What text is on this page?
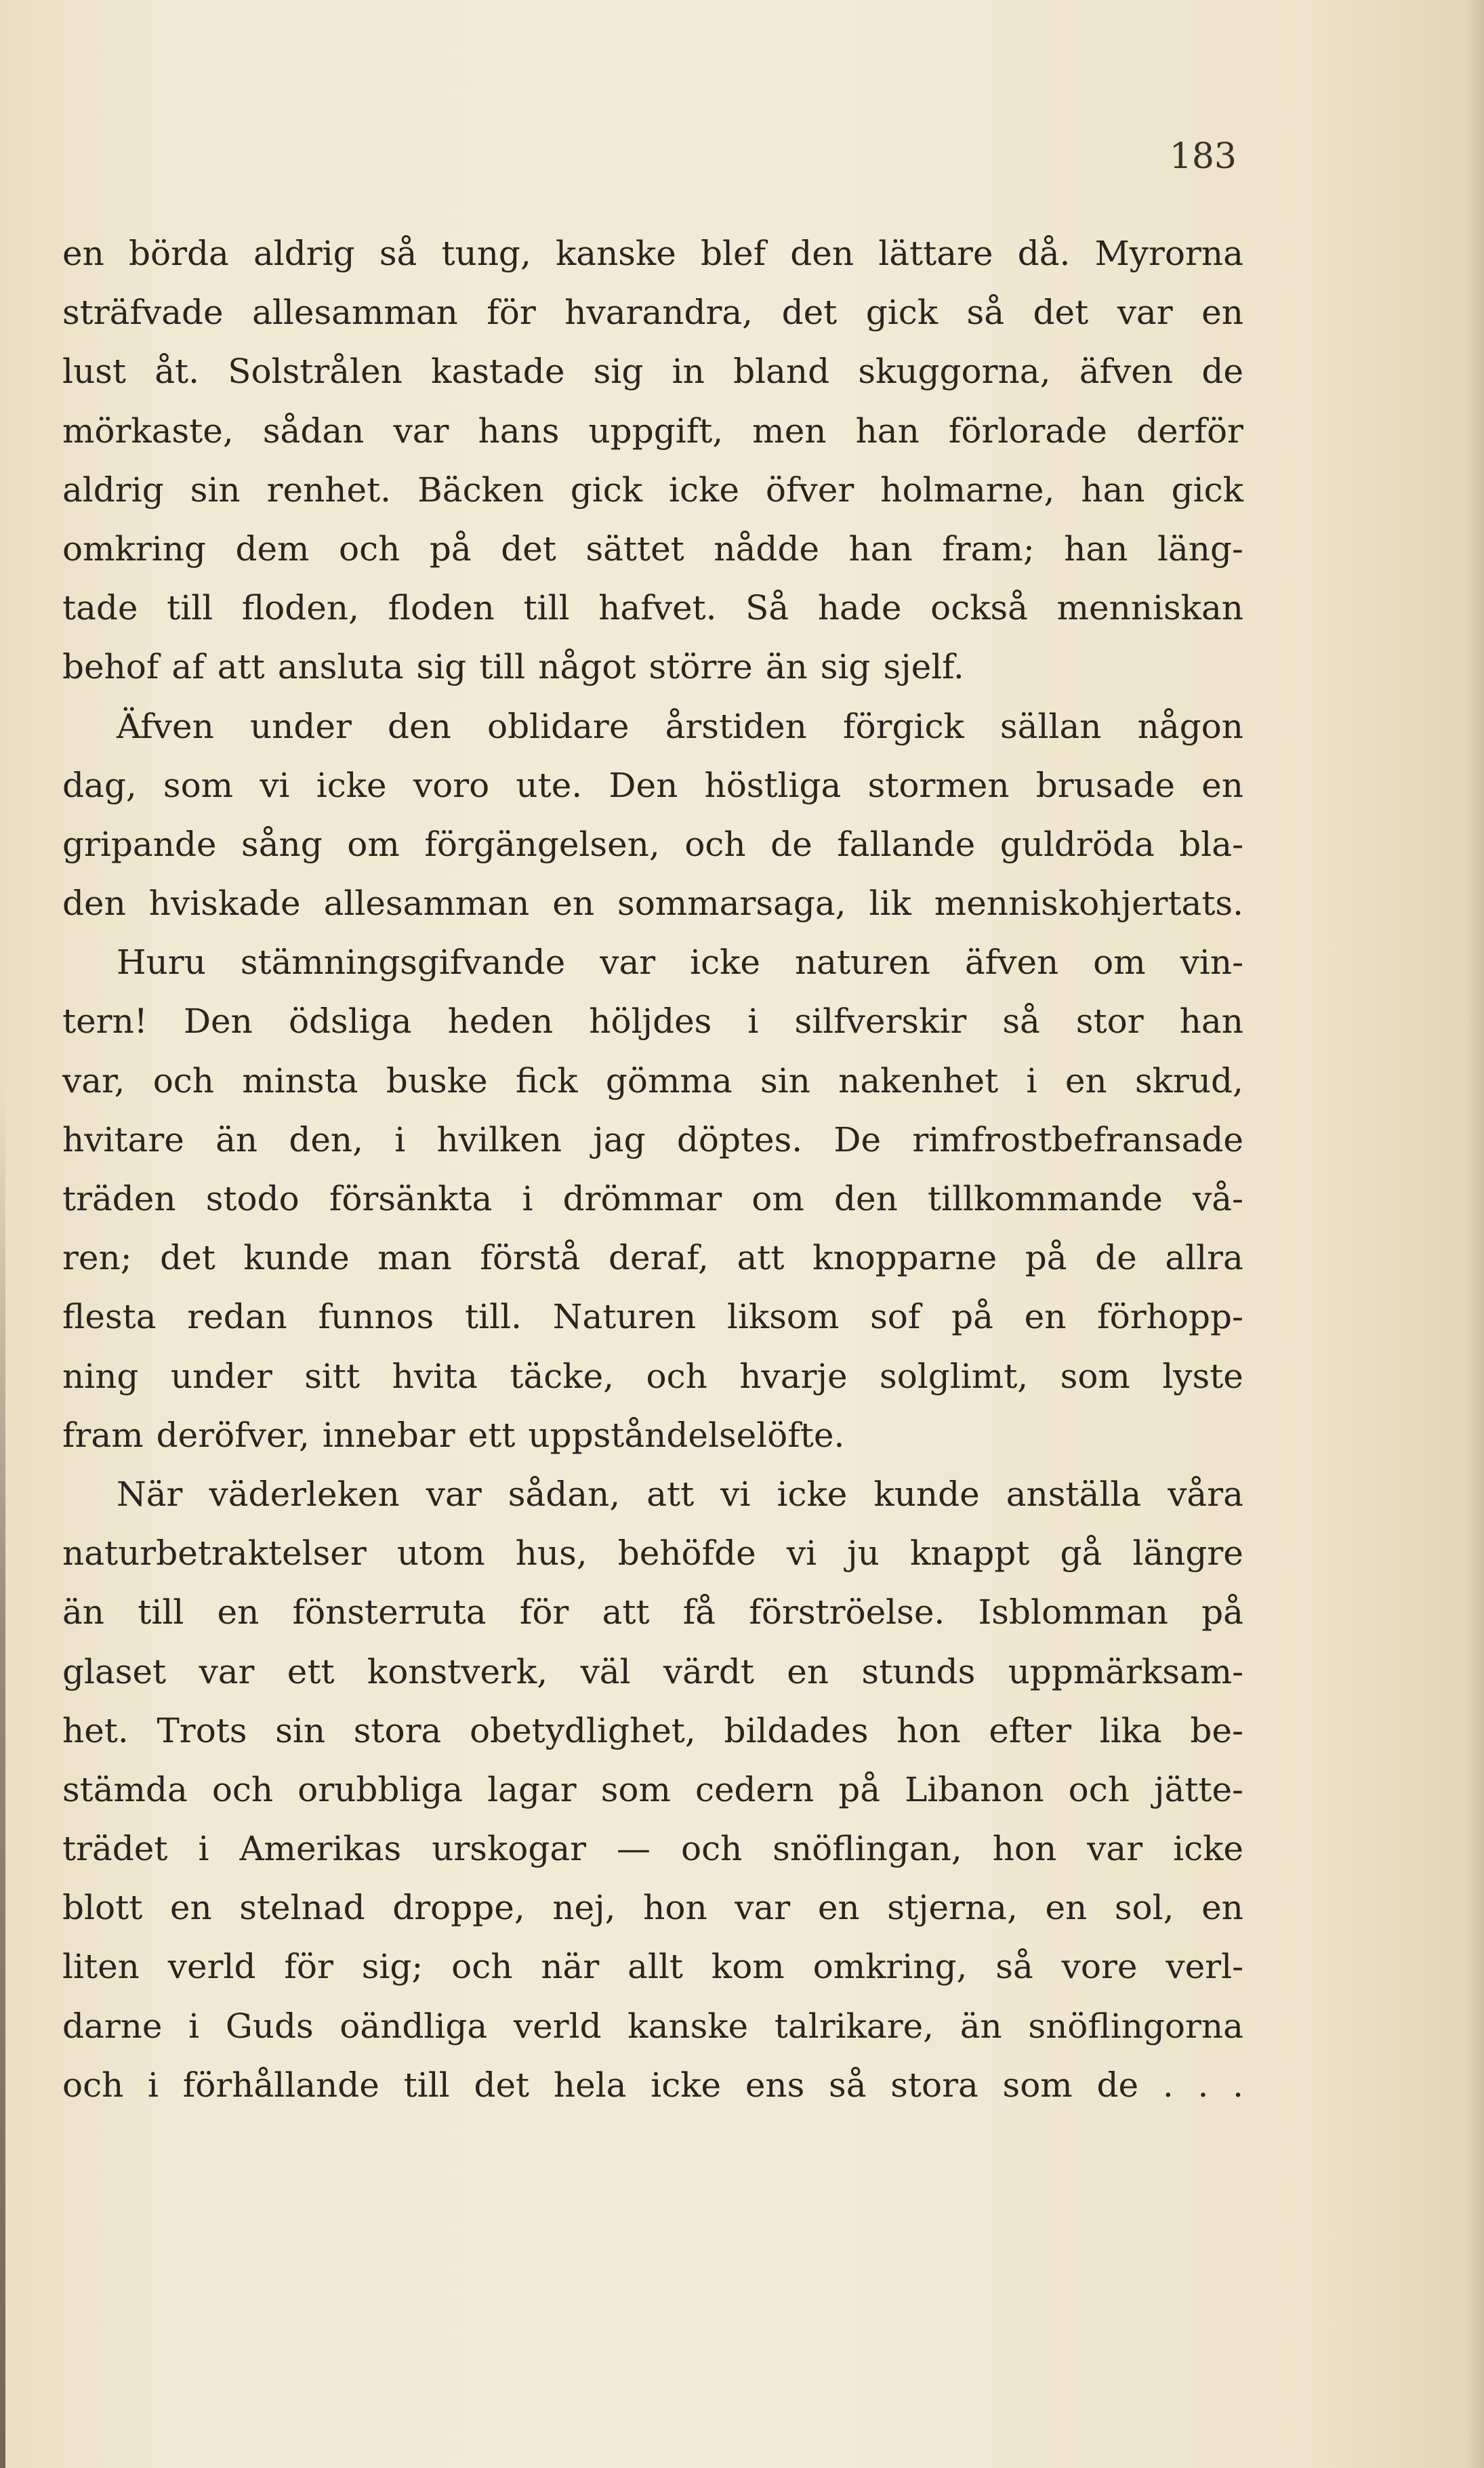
183
en börda aldrig så tung, kanske blef den lättare då. Myrorna
sträfvade allesamman för hvarandra, det gick så det var en
lust åt. Solstrålen kastade sig in bland skuggorna, äfven de
mörkaste, sådan var hans uppgift, men han förlorade derför
aldrig sin renhet. Bäcken gick icke öfver holmarne, han gick
omkring dem och på det sättet nådde han fram; han läng-
tade till floden, floden till hafvet. Så hade också menniskan
behof af att ansluta sig till något större än sig sjelf.
Äfven under den oblidare årstiden förgick sällan någon
dag, som vi icke voro ute. Den höstliga stormen brusade en
gripande sång om förgängelsen, och de fallande guldröda bla-
den hviskade allesamman en sommarsaga, lik menniskohjertats.
Huru stämningsgifvande var icke naturen äfven om vin-
tern! Den ödsliga heden höljdes i silfverskir så stor han
var, och minsta buske fick gömma sin nakenhet i en skrud,
hvitare än den, i hvilken jag döptes. De rimfrostbefransade
träden stodo försänkta i drömmar om den tillkommande vå-
ren; det kunde man förstå deraf, att knopparne på de allra
flesta redan funnos till. Naturen liksom sof på en förhopp-
ning under sitt hvita täcke, och hvarje solglimt, som lyste
fram deröfver, innebar ett uppståndelselöfte.
När väderleken var sådan, att vi icke kunde anställa våra
naturbetraktelser utom hus, behöfde vi ju knappt gå längre
än till en fönsterruta för att få förströelse. Isblomman på
glaset var ett konstverk, väl värdt en stunds uppmärksam-
het. Trots sin stora obetydlighet, bildades hon efter lika be-
stämda och orubbliga lagar som cedern på Libanon och jätte-
trädet i Amerikas urskogar — och snöflingan, hon var icke
blott en stelnad droppe, nej, hon var en stjerna, en sol, en
liten verld för sig; och när allt kom omkring, så vore verl-
darne i Guds oändliga verld kanske talrikare, än snöflingorna
och i förhållande till det hela icke ens så stora som de . . .
